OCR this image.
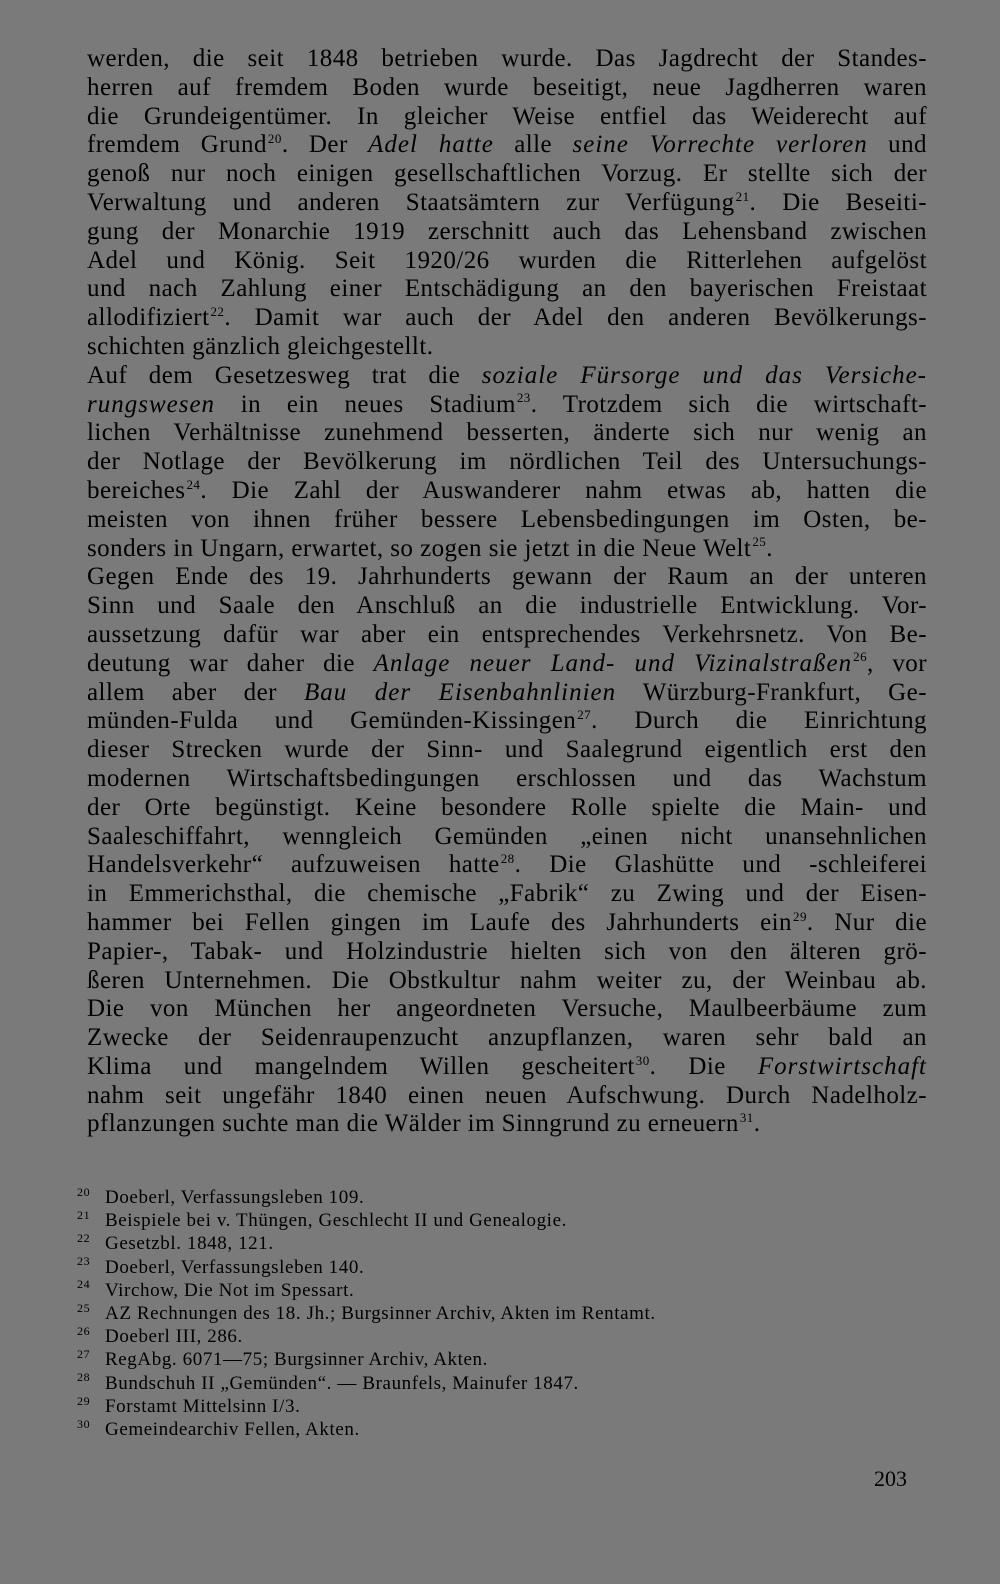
werden, die seit 1848 betrieben wurde. Das Jagdrecht der Standes-
herren auf fremdem Boden wurde beseitigt, neue Jagdherren waren
die Grundeigentümer. In gleicher Weise entfiel das Weiderecht auf
fremdem Grund$^{20}$. Der Adel hatte alle seine Vorrechte verloren und
genoß nur noch einigen gesellschaftlichen Vorzug. Er stellte sich der
Verwaltung und anderen Staatsämtern zur Verfügung$^{21}$. Die Beseiti-
gung der Monarchie 1919 zerschnitt auch das Lehensband zwischen
Adel und König. Seit 1920/26 wurden die Ritterlehen aufgelöst
und nach Zahlung einer Entschädigung an den bayerischen Freistaat
allodifiziert$^{22}$. Damit war auch der Adel den anderen Bevölkerungs-
schichten gänzlich gleichgestellt.
Auf dem Gesetzesweg trat die soziale Fürsorge und das Versiche-
rungswesen in ein neues Stadium$^{23}$. Trotzdem sich die wirtschaft-
lichen Verhältnisse zunehmend besserten, änderte sich nur wenig an
der Notlage der Bevölkerung im nördlichen Teil des Untersuchungs-
bereiches$^{24}$. Die Zahl der Auswanderer nahm etwas ab, hatten die
meisten von ihnen früher bessere Lebensbedingungen im Osten, be-
sonders in Ungarn, erwartet, so zogen sie jetzt in die Neue Welt$^{25}$.
Gegen Ende des 19. Jahrhunderts gewann der Raum an der unteren
Sinn und Saale den Anschluß an die industrielle Entwicklung. Vor-
aussetzung dafür war aber ein entsprechendes Verkehrsnetz. Von Be-
deutung war daher die Anlage neuer Land- und Vizinalstraßen$^{26}$, vor
allem aber der Bau der Eisenbahnlinien Würzburg-Frankfurt, Ge-
münden-Fulda und Gemünden-Kissingen$^{27}$. Durch die Einrichtung
dieser Strecken wurde der Sinn- und Saalegrund eigentlich erst den
modernen Wirtschaftsbedingungen erschlossen und das Wachstum
der Orte begünstigt. Keine besondere Rolle spielte die Main- und
Saaleschiffahrt, wenngleich Gemünden „einen nicht unansehnlichen
Handelsverkehr“ aufzuweisen hatte$^{28}$. Die Glashütte und -schleiferei
in Emmerichsthal, die chemische „Fabrik“ zu Zwing und der Eisen-
hammer bei Fellen gingen im Laufe des Jahrhunderts ein$^{29}$. Nur die
Papier-, Tabak- und Holzindustrie hielten sich von den älteren grö-
ßeren Unternehmen. Die Obstkultur nahm weiter zu, der Weinbau ab.
Die von München her angeordneten Versuche, Maulbeerbäume zum
Zwecke der Seidenraupenzucht anzupflanzen, waren sehr bald an
Klima und mangelndem Willen gescheitert$^{30}$. Die Forstwirtschaft
nahm seit ungefähr 1840 einen neuen Aufschwung. Durch Nadelholz-
pflanzungen suchte man die Wälder im Sinngrund zu erneuern$^{31}$.
20 Doeberl, Verfassungsleben 109.
21 Beispiele bei v. Thüngen, Geschlecht II und Genealogie.
22 Gesetzbl. 1848, 121.
23 Doeberl, Verfassungsleben 140.
24 Virchow, Die Not im Spessart.
25 AZ Rechnungen des 18. Jh.; Burgsinner Archiv, Akten im Rentamt.
26 Doeberl III, 286.
27 RegAbg. 6071—75; Burgsinner Archiv, Akten.
28 Bundschuh II „Gemünden“. — Braunfels, Mainufer 1847.
29 Forstamt Mittelsinn I/3.
30 Gemeindearchiv Fellen, Akten.
203
